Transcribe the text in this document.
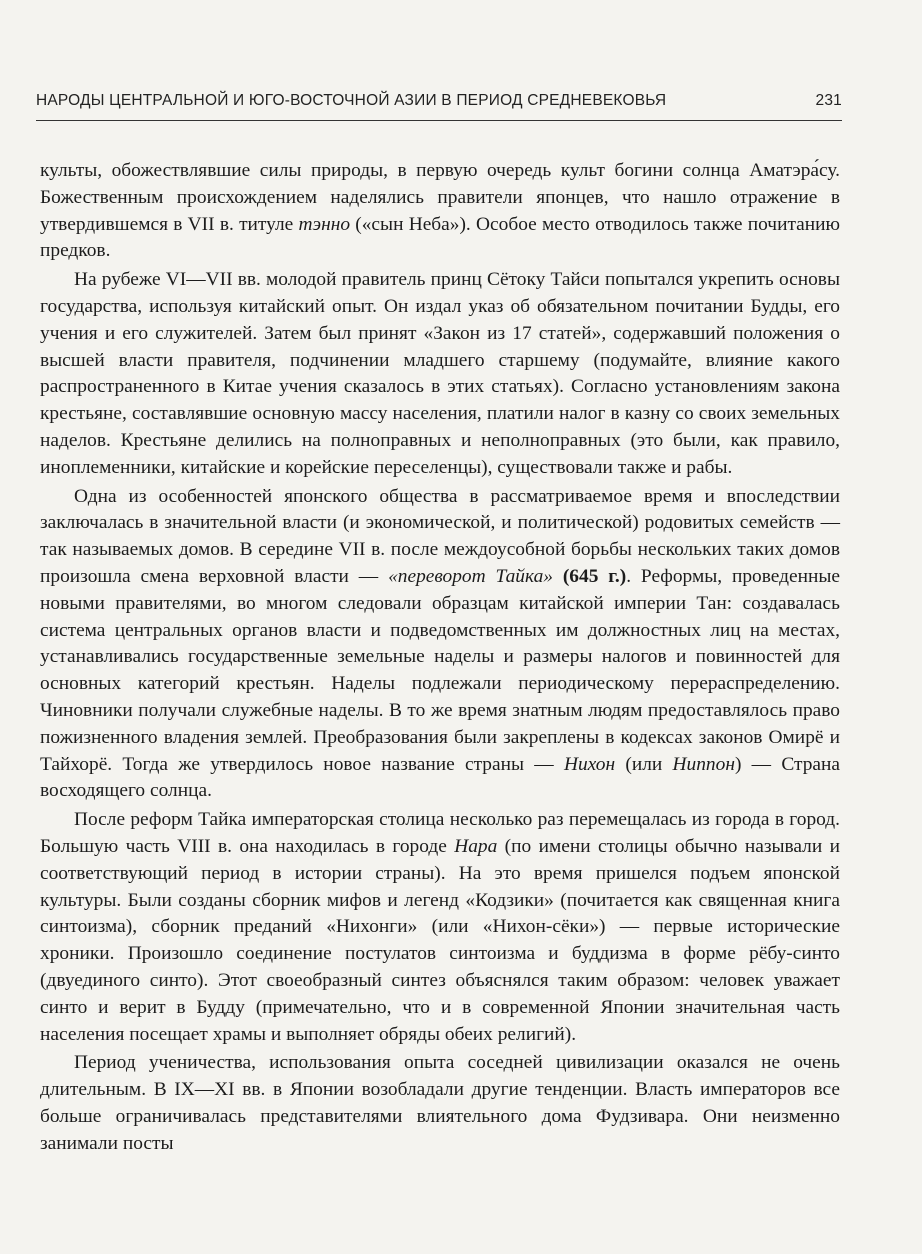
НАРОДЫ ЦЕНТРАЛЬНОЙ И ЮГО-ВОСТОЧНОЙ АЗИИ В ПЕРИОД СРЕДНЕВЕКОВЬЯ	231

культы, обожествлявшие силы природы, в первую очередь культ богини солнца Аматэра́су. Божественным происхождением наделялись правители японцев, что нашло отражение в утвердившемся в VII в. титуле тэнно («сын Неба»). Особое место отводилось также почитанию предков.

На рубеже VI—VII вв. молодой правитель принц Сётоку Тайси попытался укрепить основы государства, используя китайский опыт. Он издал указ об обязательном почитании Будды, его учения и его служителей. Затем был принят «Закон из 17 статей», содержавший положения о высшей власти правителя, подчинении младшего старшему (подумайте, влияние какого распространенного в Китае учения сказалось в этих статьях). Согласно установлениям закона крестьяне, составлявшие основную массу населения, платили налог в казну со своих земельных наделов. Крестьяне делились на полноправных и неполноправных (это были, как правило, иноплеменники, китайские и корейские переселенцы), существовали также и рабы.

Одна из особенностей японского общества в рассматриваемое время и впоследствии заключалась в значительной власти (и экономической, и политической) родовитых семейств — так называемых домов. В середине VII в. после междоусобной борьбы нескольких таких домов произошла смена верховной власти — «переворот Тайка» (645 г.). Реформы, проведенные новыми правителями, во многом следовали образцам китайской империи Тан: создавалась система центральных органов власти и подведомственных им должностных лиц на местах, устанавливались государственные земельные наделы и размеры налогов и повинностей для основных категорий крестьян. Наделы подлежали периодическому перераспределению. Чиновники получали служебные наделы. В то же время знатным людям предоставлялось право пожизненного владения землей. Преобразования были закреплены в кодексах законов Омирё и Тайхорё. Тогда же утвердилось новое название страны — Нихон (или Ниппон) — Страна восходящего солнца.

После реформ Тайка императорская столица несколько раз перемещалась из города в город. Большую часть VIII в. она находилась в городе Нара (по имени столицы обычно называли и соответствующий период в истории страны). На это время пришелся подъем японской культуры. Были созданы сборник мифов и легенд «Кодзики» (почитается как священная книга синтоизма), сборник преданий «Нихонги» (или «Нихон-сёки») — первые исторические хроники. Произошло соединение постулатов синтоизма и буддизма в форме рёбу-синто (двуединого синто). Этот своеобразный синтез объяснялся таким образом: человек уважает синто и верит в Будду (примечательно, что и в современной Японии значительная часть населения посещает храмы и выполняет обряды обеих религий).

Период ученичества, использования опыта соседней цивилизации оказался не очень длительным. В IX—XI вв. в Японии возобладали другие тенденции. Власть императоров все больше ограничивалась представителями влиятельного дома Фудзивара. Они неизменно занимали посты
